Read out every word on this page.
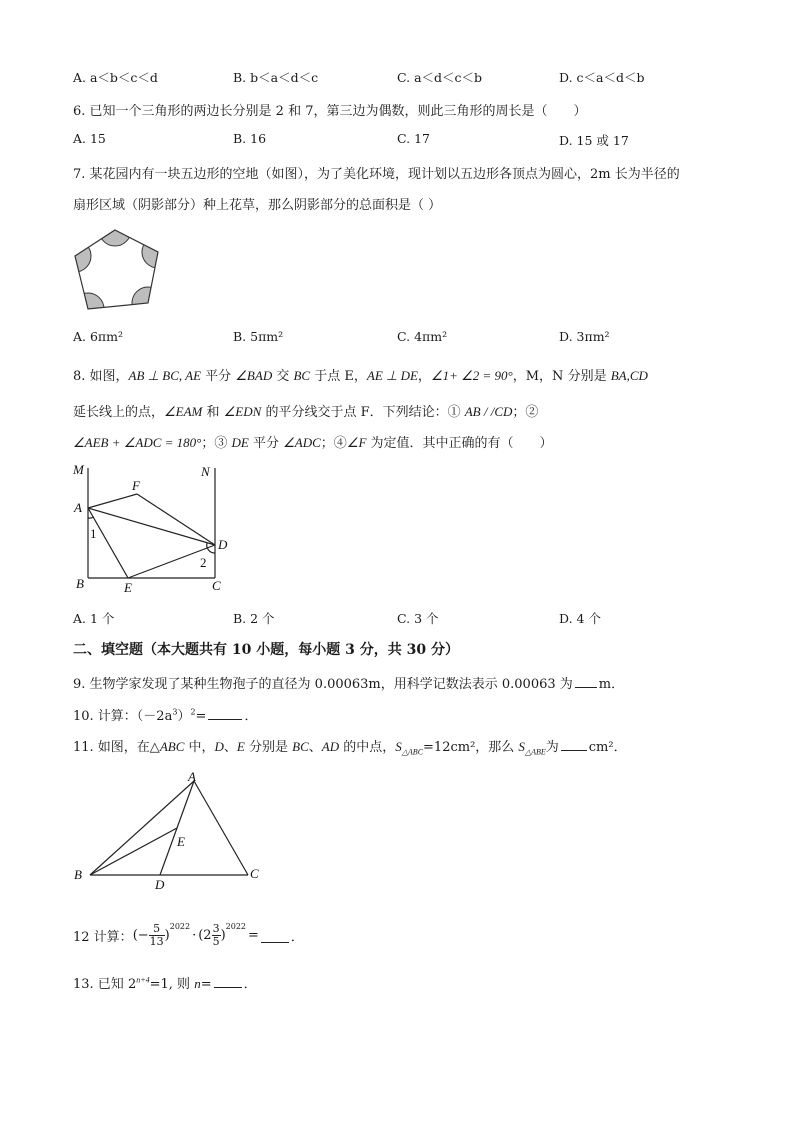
A. a＜b＜c＜d	B. b＜a＜d＜c	C. a＜d＜c＜b	D. c＜a＜d＜b
6. 已知一个三角形的两边长分别是 2 和 7，第三边为偶数，则此三角形的周长是（　　）
A. 15	B. 16	C. 17	D. 15 或 17
7. 某花园内有一块五边形的空地（如图），为了美化环境，现计划以五边形各顶点为圆心，2m 长为半径的
扇形区域（阴影部分）种上花草，那么阴影部分的总面积是（ ）
A. 6πm²	B. 5πm²	C. 4πm²	D. 3πm²
8. 如图，AB ⊥ BC, AE 平分 ∠BAD 交 BC 于点 E，AE ⊥ DE，∠1+ ∠2 = 90°，M，N 分别是 BA,CD
延长线上的点，∠EAM 和 ∠EDN 的平分线交于点 F．下列结论：① AB / /CD；②
∠AEB + ∠ADC = 180°；③ DE 平分 ∠ADC；④∠F 为定值．其中正确的有（　　）
M	N
F
A
1
D
2
B	E	C
A. 1 个	B. 2 个	C. 3 个	D. 4 个
二、填空题（本大题共有 10 小题，每小题 3 分，共 30 分）
9. 生物学家发现了某种生物孢子的直径为 0.00063m，用科学记数法表示 0.00063 为 m．
10. 计算：$(-2a^3)^2=$	．
11. 如图，在△ABC 中，D、E 分别是 BC、AD 的中点，$S_{\triangle ABC}=12cm^2$，那么 $S_{\triangle ABE}$为 cm²．
A
B	C
D
E
12 计算： (− $\frac{5}{13}$ )
$^{2022}$
· ($2 \frac{3}{5}$ )
$^{2022}$
= ．
13. 已知 $2^{n+4}=1$, 则 n= ．
